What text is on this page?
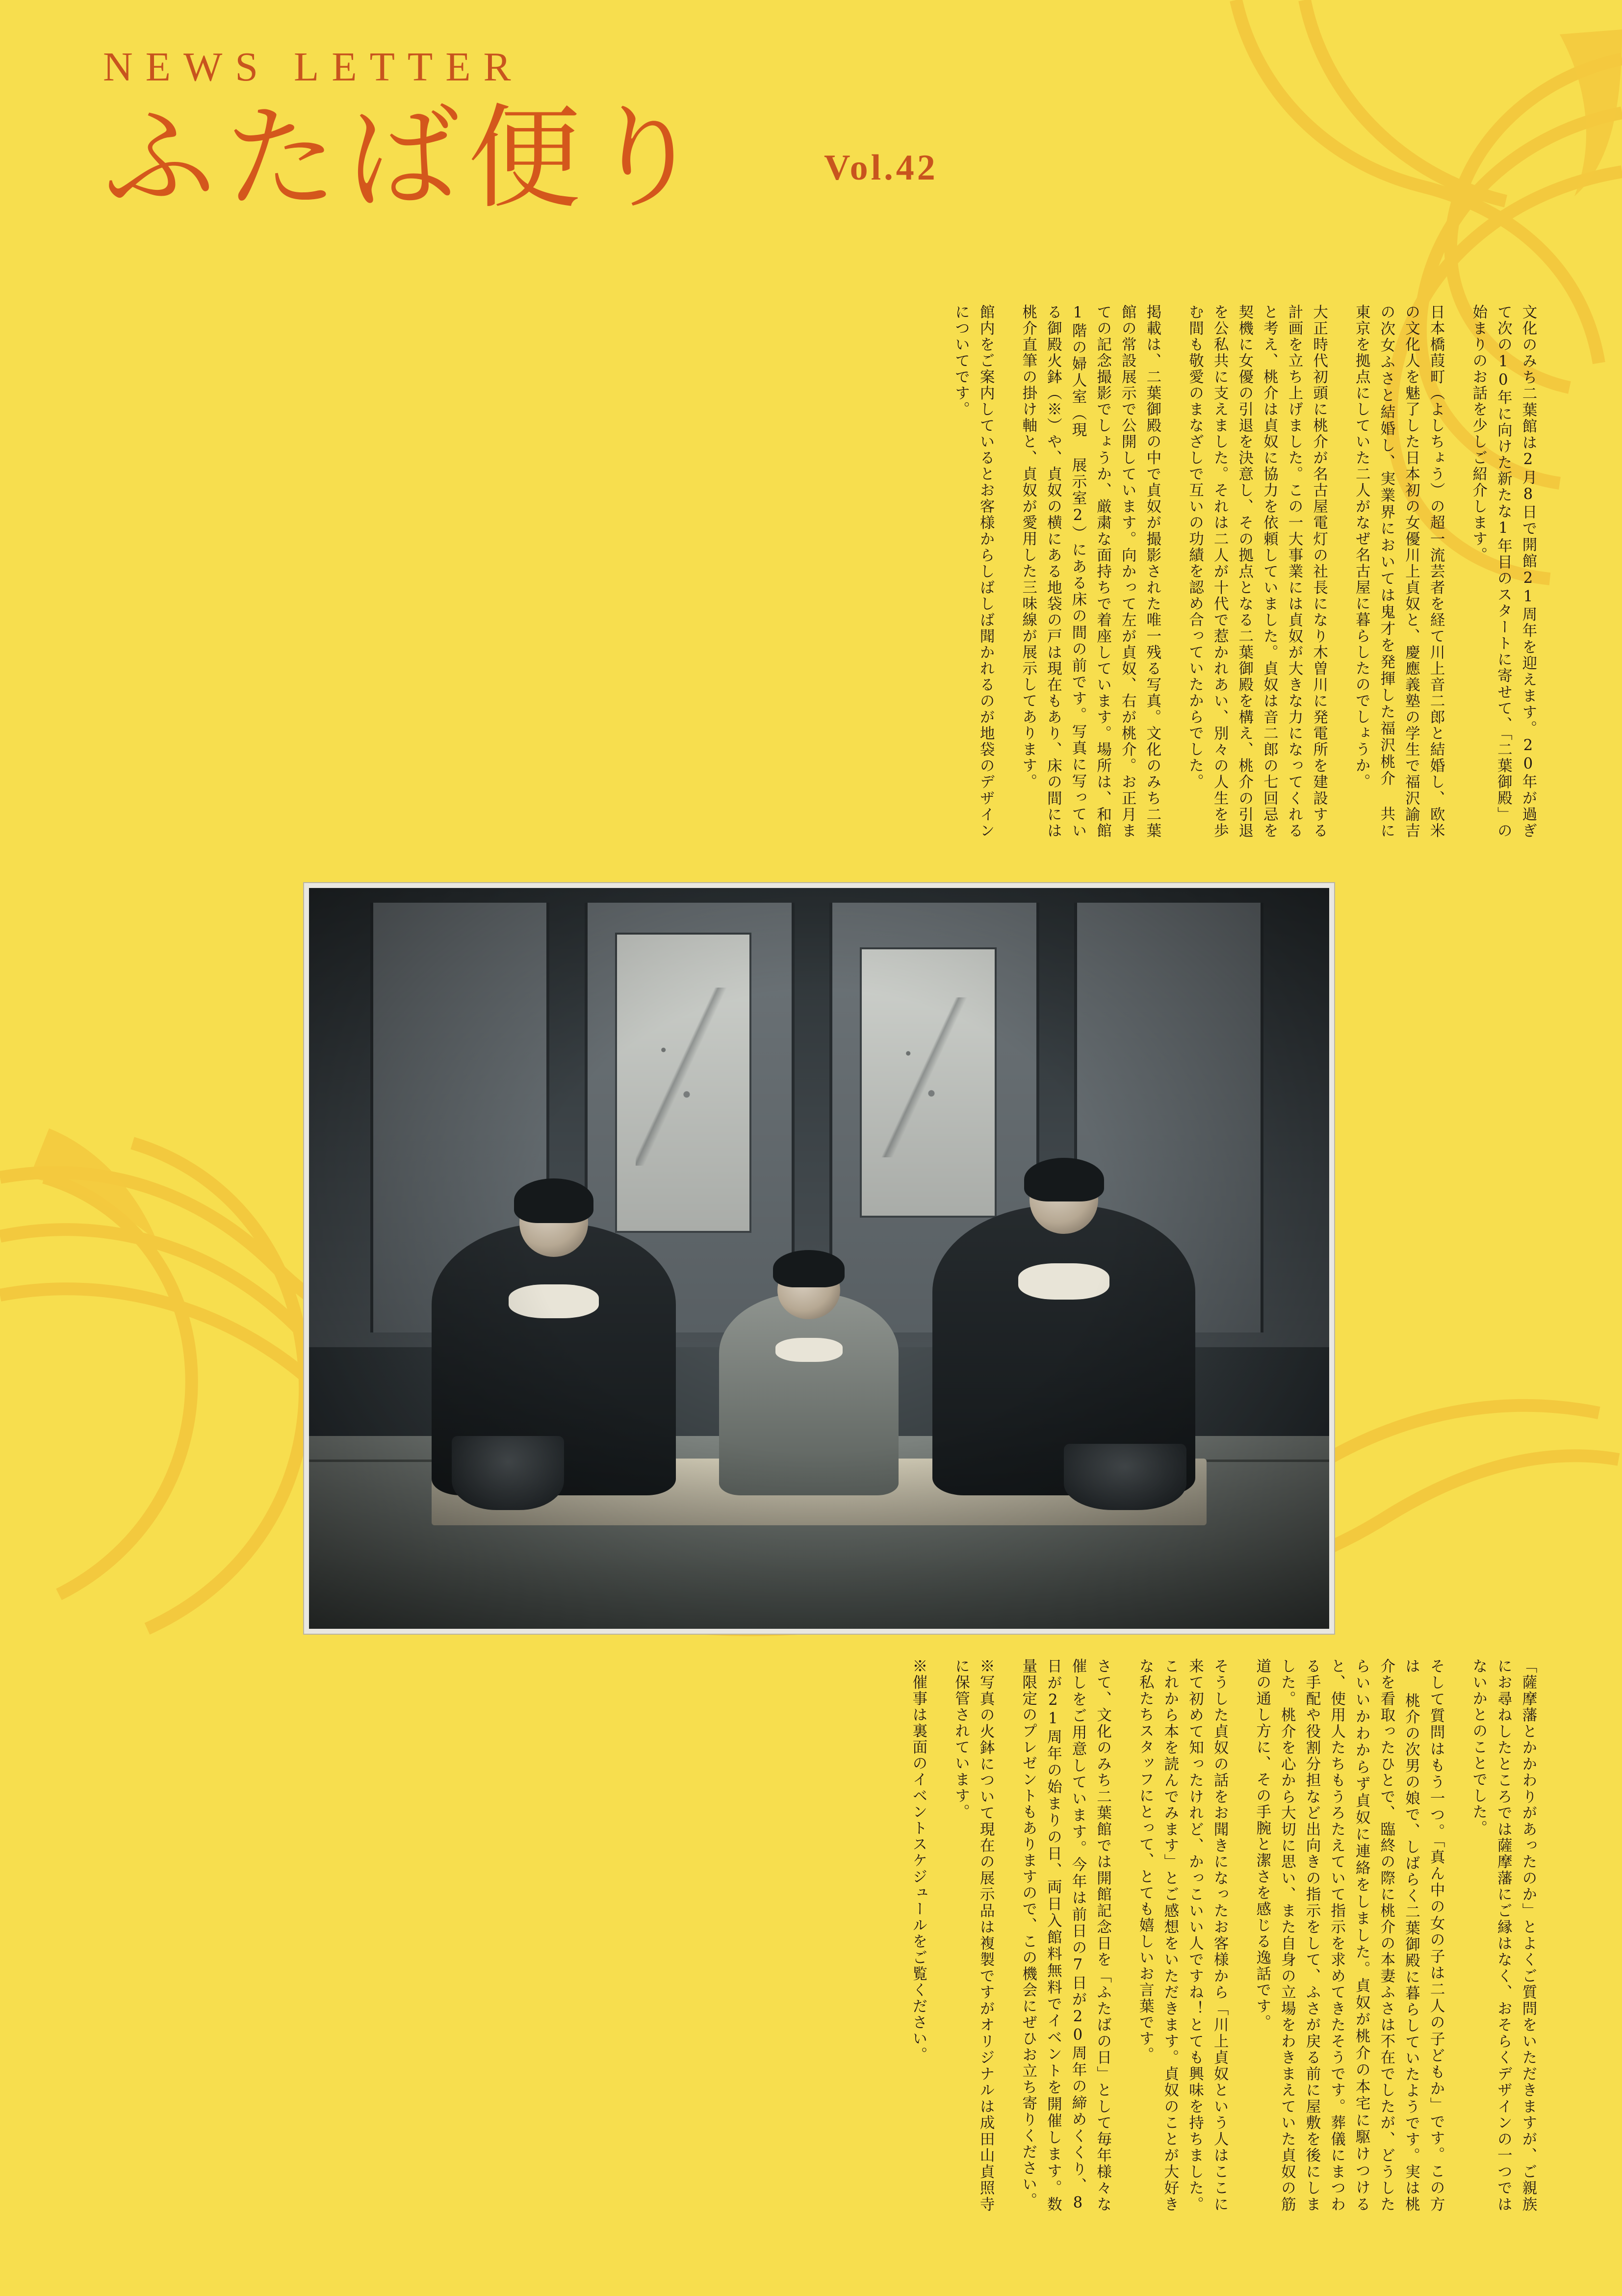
NEWS LETTER
ふたば便り	Vol.42
文化のみち二葉館は2月8日で開館21周年を迎えます。20年が過ぎて次の10年に向けた新たな1年目のスタートに寄せて、「二葉御殿」の始まりのお話を少しご紹介します。
日本橋葭町（よしちょう）の超一流芸者を経て川上音二郎と結婚し、欧米の文化人を魅了した日本初の女優川上貞奴と、慶應義塾の学生で福沢諭吉の次女ふさと結婚し、実業界においては鬼才を発揮した福沢桃介 共に東京を拠点にしていた二人がなぜ名古屋に暮らしたのでしょうか。
大正時代初頭に桃介が名古屋電灯の社長になり木曽川に発電所を建設する計画を立ち上げました。この一大事業には貞奴が大きな力になってくれると考え、桃介は貞奴に協力を依頼していました。貞奴は音二郎の七回忌を契機に女優の引退を決意し、その拠点となる二葉御殿を構え、桃介の引退を公私共に支えました。それは二人が十代で惹かれあい、別々の人生を歩む間も敬愛のまなざしで互いの功績を認め合っていたからでした。
掲載は、二葉御殿の中で貞奴が撮影された唯一残る写真。文化のみち二葉館の常設展示で公開しています。向かって左が貞奴、右が桃介。お正月まての記念撮影でしょうか、厳粛な面持ちで着座しています。場所は、和館1階の婦人室（現 展示室2）にある床の間の前です。写真に写っている御殿火鉢（※）や、貞奴の横にある地袋の戸は現在もあり、床の間には桃介直筆の掛け軸と、貞奴が愛用した三味線が展示してあります。
館内をご案内しているとお客様からしばしば聞かれるのが地袋のデザインについてです。
「薩摩藩とかかわりがあったのか」とよくご質問をいただきますが、ご親族にお尋ねしたところでは薩摩藩にご縁はなく、おそらくデザインの一つではないかとのことでした。
そして質問はもう一つ。「真ん中の女の子は二人の子どもか」です。この方は 桃介の次男の娘で、しばらく二葉御殿に暮らしていたようです。実は桃介を看取ったひとで、臨終の際に桃介の本妻ふさは不在でしたが、どうしたらいいかわからず貞奴に連絡をしました。貞奴が桃介の本宅に駆けつけると、使用人たちもうろたえていて指示を求めてきたそうです。葬儀にまつわる手配や役割分担など出向きの指示をして、ふさが戻る前に屋敷を後にしました。桃介を心から大切に思い、また自身の立場をわきまえていた貞奴の筋道の通し方に、その手腕と潔さを感じる逸話です。
そうした貞奴の話をお聞きになったお客様から「川上貞奴という人はここに来て初めて知ったけれど、かっこいい人ですね！とても興味を持ちました。これから本を読んでみます」とご感想をいただきます。貞奴のことが大好きな私たちスタッフにとって、とても嬉しいお言葉です。
さて、文化のみち二葉館では開館記念日を「ふたばの日」として毎年様々な催しをご用意しています。今年は前日の7日が20周年の締めくくり、8日が21周年の始まりの日、両日入館料無料でイベントを開催します。数量限定のプレゼントもありますので、この機会にぜひお立ち寄りください。
※写真の火鉢について現在の展示品は複製ですがオリジナルは成田山貞照寺に保管されています。
※催事は裏面のイベントスケジュールをご覧ください。
